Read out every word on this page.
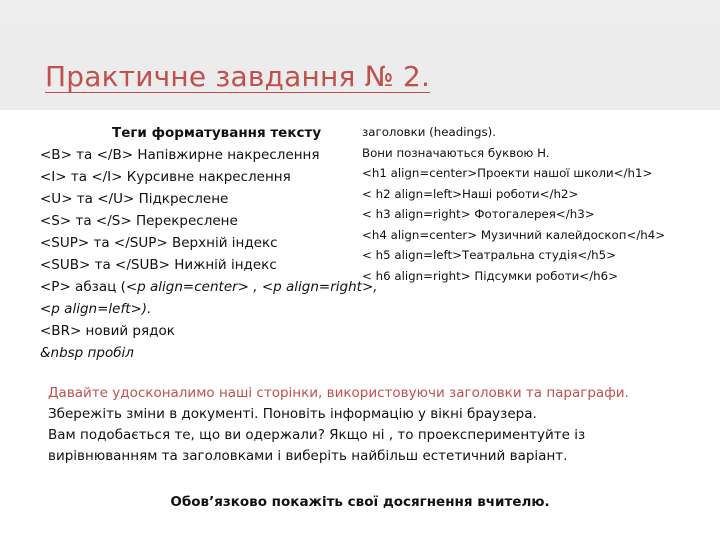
Практичне завдання № 2.
Теги форматування тексту
<B> та </B> Напівжирне накреслення
<I> та </I> Курсивне накреслення
<U> та </U> Підкреслене
<S> та </S> Перекреслене
<SUP> та </SUP> Верхній індекс
<SUB> та </SUB> Нижній індекс
<P> абзац (<p align=center> , <p align=right>, <p align=left>).
<BR> новий рядок
&nbsp пробіл
заголовки (headings).
Вони позначаються буквою H.
<h1 align=center>Проекти нашої школи</h1>
< h2 align=left>Наші роботи</h2>
< h3 align=right> Фотогалерея</h3>
<h4 align=center> Музичний калейдоскоп</h4>
< h5 align=left>Театральна студія</h5>
< h6 align=right> Підсумки роботи</h6>
Давайте удосконалимо наші сторінки, використовуючи заголовки та параграфи.
Збережіть зміни в документі. Поновіть інформацію у вікні браузера.
Вам подобається те, що ви одержали? Якщо ні , то проекспериментуйте із
вирівнюванням та заголовками і виберіть найбільш естетичний варіант.
Обов’язково покажіть свої досягнення вчителю.
